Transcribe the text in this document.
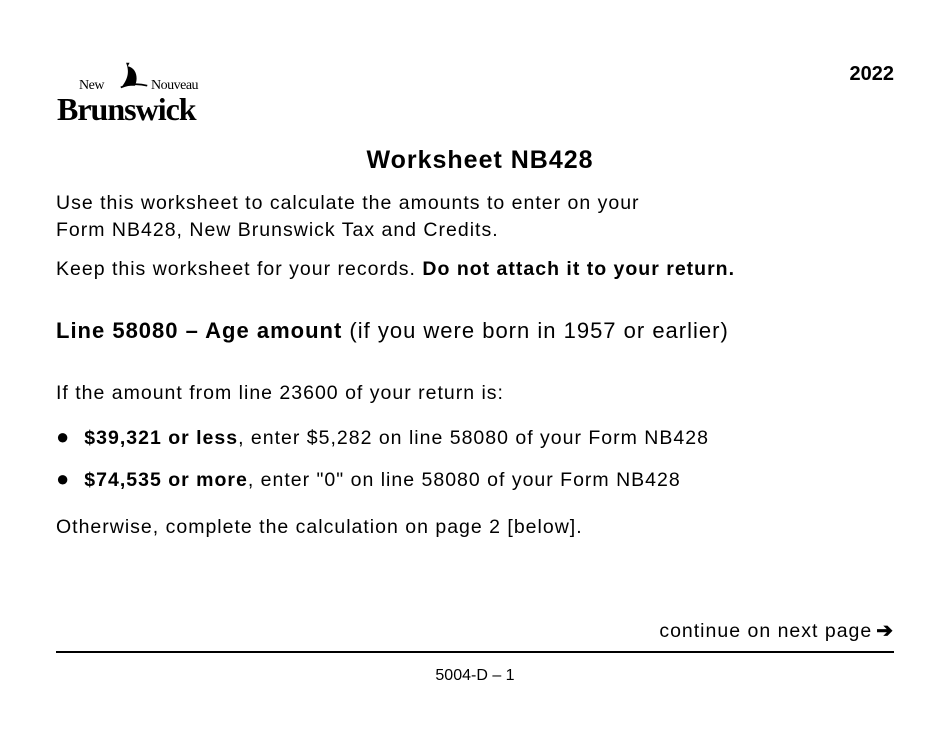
New	Nouveau
Brunswick
2022
Worksheet NB428
Use this worksheet to calculate the amounts to enter on your
Form NB428, New Brunswick Tax and Credits.
Keep this worksheet for your records. Do not attach it to your return.
Line 58080 – Age amount (if you were born in 1957 or earlier)
If the amount from line 23600 of your return is:
● $39,321 or less, enter $5,282 on line 58080 of your Form NB428
● $74,535 or more, enter "0" on line 58080 of your Form NB428
Otherwise, complete the calculation on page 2 [below].
continue on next page ➔
5004-D – 1
